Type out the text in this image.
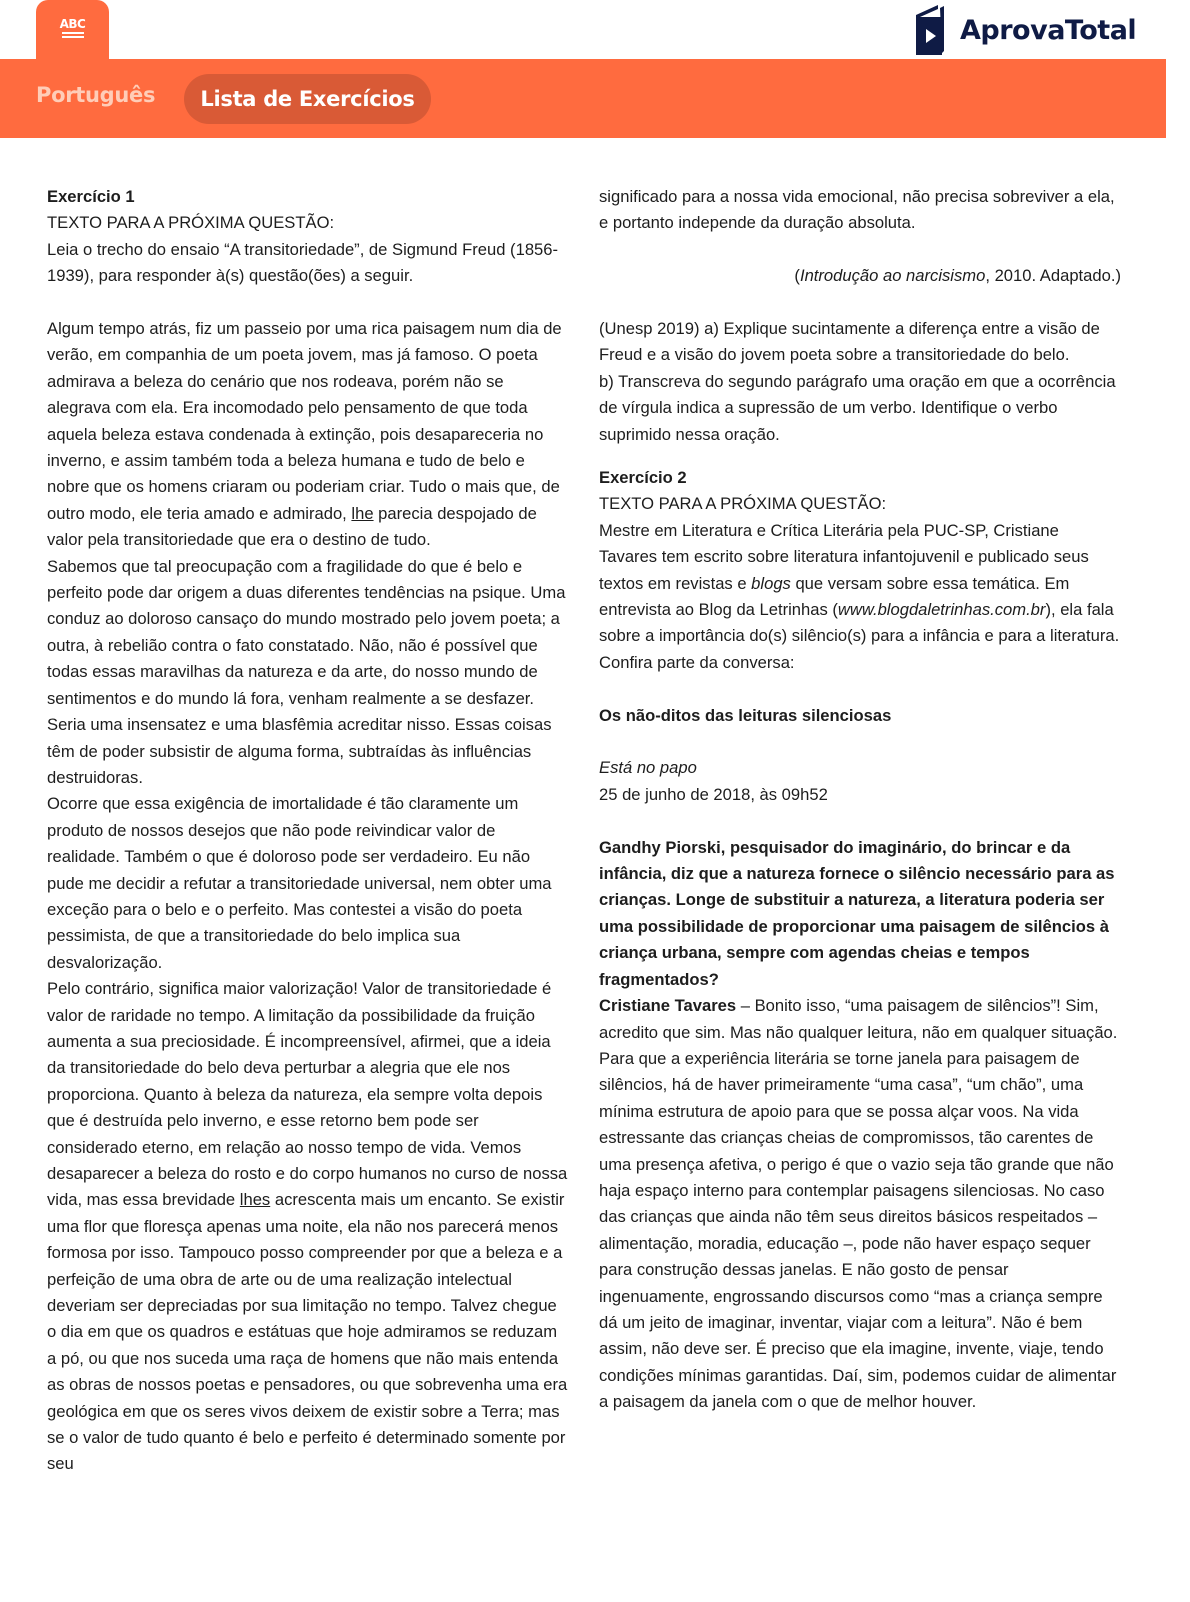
ABC	AprovaTotal
Português Lista de Exercícios

Exercício 1

TEXTO PARA A PRÓXIMA QUESTÃO:

Leia o trecho do ensaio “A transitoriedade”, de Sigmund Freud (1856-1939), para responder à(s) questão(ões) a seguir.

Algum tempo atrás, fiz um passeio por uma rica paisagem num dia de verão, em companhia de um poeta jovem, mas já famoso. O poeta admirava a beleza do cenário que nos rodeava, porém não se alegrava com ela. Era incomodado pelo pensamento de que toda aquela beleza estava condenada à extinção, pois desapareceria no inverno, e assim também toda a beleza humana e tudo de belo e nobre que os homens criaram ou poderiam criar. Tudo o mais que, de outro modo, ele teria amado e admirado, lhe parecia despojado de valor pela transitoriedade que era o destino de tudo.

Sabemos que tal preocupação com a fragilidade do que é belo e perfeito pode dar origem a duas diferentes tendências na psique. Uma conduz ao doloroso cansaço do mundo mostrado pelo jovem poeta; a outra, à rebelião contra o fato constatado. Não, não é possível que todas essas maravilhas da natureza e da arte, do nosso mundo de sentimentos e do mundo lá fora, venham realmente a se desfazer. Seria uma insensatez e uma blasfêmia acreditar nisso. Essas coisas têm de poder subsistir de alguma forma, subtraídas às influências destruidoras.

Ocorre que essa exigência de imortalidade é tão claramente um produto de nossos desejos que não pode reivindicar valor de realidade. Também o que é doloroso pode ser verdadeiro. Eu não pude me decidir a refutar a transitoriedade universal, nem obter uma exceção para o belo e o perfeito. Mas contestei a visão do poeta pessimista, de que a transitoriedade do belo implica sua desvalorização.

Pelo contrário, significa maior valorização! Valor de transitoriedade é valor de raridade no tempo. A limitação da possibilidade da fruição aumenta a sua preciosidade. É incompreensível, afirmei, que a ideia da transitoriedade do belo deva perturbar a alegria que ele nos proporciona. Quanto à beleza da natureza, ela sempre volta depois que é destruída pelo inverno, e esse retorno bem pode ser considerado eterno, em relação ao nosso tempo de vida. Vemos desaparecer a beleza do rosto e do corpo humanos no curso de nossa vida, mas essa brevidade lhes acrescenta mais um encanto. Se existir uma flor que floresça apenas uma noite, ela não nos parecerá menos formosa por isso. Tampouco posso compreender por que a beleza e a perfeição de uma obra de arte ou de uma realização intelectual deveriam ser depreciadas por sua limitação no tempo. Talvez chegue o dia em que os quadros e estátuas que hoje admiramos se reduzam a pó, ou que nos suceda uma raça de homens que não mais entenda as obras de nossos poetas e pensadores, ou que sobrevenha uma era geológica em que os seres vivos deixem de existir sobre a Terra; mas se o valor de tudo quanto é belo e perfeito é determinado somente por seu

significado para a nossa vida emocional, não precisa sobreviver a ela, e portanto independe da duração absoluta.

(Introdução ao narcisismo, 2010. Adaptado.)

(Unesp 2019) a) Explique sucintamente a diferença entre a visão de Freud e a visão do jovem poeta sobre a transitoriedade do belo.

b) Transcreva do segundo parágrafo uma oração em que a ocorrência de vírgula indica a supressão de um verbo. Identifique o verbo suprimido nessa oração.

Exercício 2

TEXTO PARA A PRÓXIMA QUESTÃO:

Mestre em Literatura e Crítica Literária pela PUC-SP, Cristiane Tavares tem escrito sobre literatura infantojuvenil e publicado seus textos em revistas e blogs que versam sobre essa temática. Em entrevista ao Blog da Letrinhas (www.blogdaletrinhas.com.br), ela fala sobre a importância do(s) silêncio(s) para a infância e para a literatura. Confira parte da conversa:

Os não-ditos das leituras silenciosas

Está no papo

25 de junho de 2018, às 09h52

Gandhy Piorski, pesquisador do imaginário, do brincar e da infância, diz que a natureza fornece o silêncio necessário para as crianças. Longe de substituir a natureza, a literatura poderia ser uma possibilidade de proporcionar uma paisagem de silêncios à criança urbana, sempre com agendas cheias e tempos fragmentados?

Cristiane Tavares – Bonito isso, “uma paisagem de silêncios”! Sim, acredito que sim. Mas não qualquer leitura, não em qualquer situação. Para que a experiência literária se torne janela para paisagem de silêncios, há de haver primeiramente “uma casa”, “um chão”, uma mínima estrutura de apoio para que se possa alçar voos. Na vida estressante das crianças cheias de compromissos, tão carentes de uma presença afetiva, o perigo é que o vazio seja tão grande que não haja espaço interno para contemplar paisagens silenciosas. No caso das crianças que ainda não têm seus direitos básicos respeitados – alimentação, moradia, educação –, pode não haver espaço sequer para construção dessas janelas. E não gosto de pensar ingenuamente, engrossando discursos como “mas a criança sempre dá um jeito de imaginar, inventar, viajar com a leitura”. Não é bem assim, não deve ser. É preciso que ela imagine, invente, viaje, tendo condições mínimas garantidas. Daí, sim, podemos cuidar de alimentar a paisagem da janela com o que de melhor houver.
